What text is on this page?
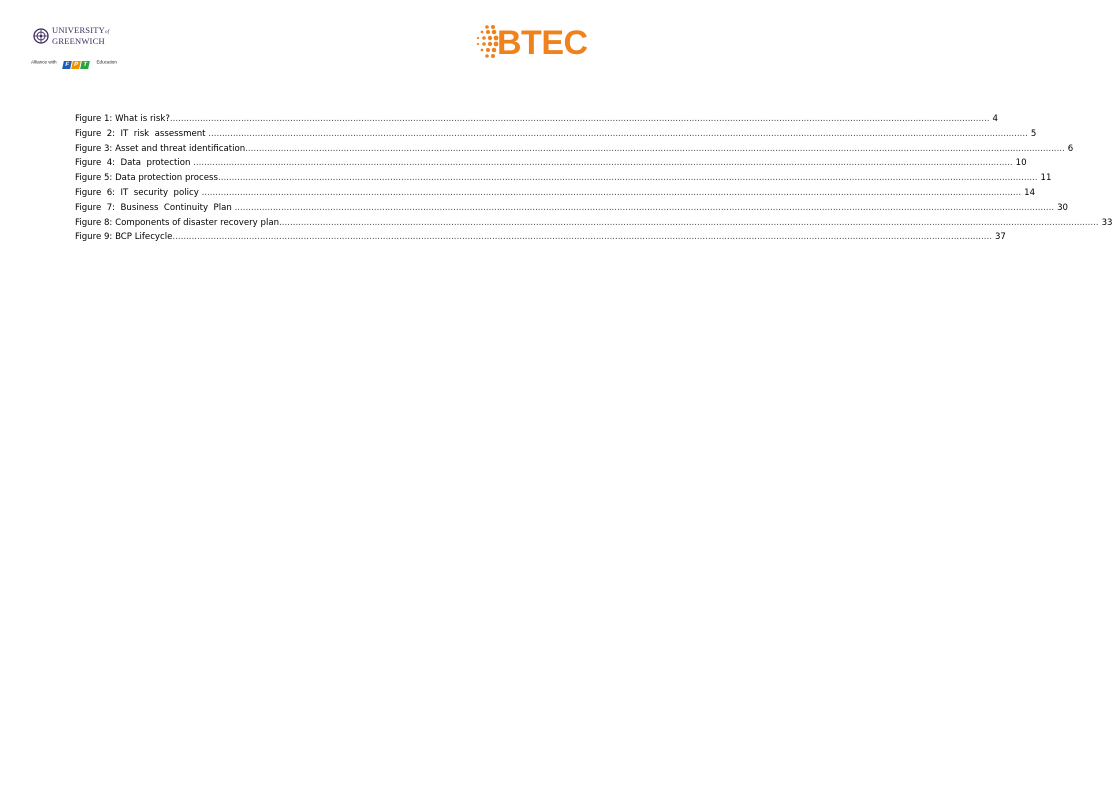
UNIVERSITYof
GREENWICH
Alliance with F P T Education	BTEC
Figure 1: What is risk? ............................................................................................................................................................................................................................................................................................................ 4
Figure  2:  IT  risk  assessment ............................................................................................................................................................................................................................................................................................................ 5
Figure 3: Asset and threat identification ............................................................................................................................................................................................................................................................................................................ 6
Figure  4:  Data  protection ............................................................................................................................................................................................................................................................................................................ 10
Figure 5: Data protection process ............................................................................................................................................................................................................................................................................................................ 11
Figure  6:  IT  security  policy ............................................................................................................................................................................................................................................................................................................ 14
Figure  7:  Business  Continuity  Plan ............................................................................................................................................................................................................................................................................................................ 30
Figure 8: Components of disaster recovery plan ............................................................................................................................................................................................................................................................................................................ 33
Figure 9: BCP Lifecycle ............................................................................................................................................................................................................................................................................................................ 37
